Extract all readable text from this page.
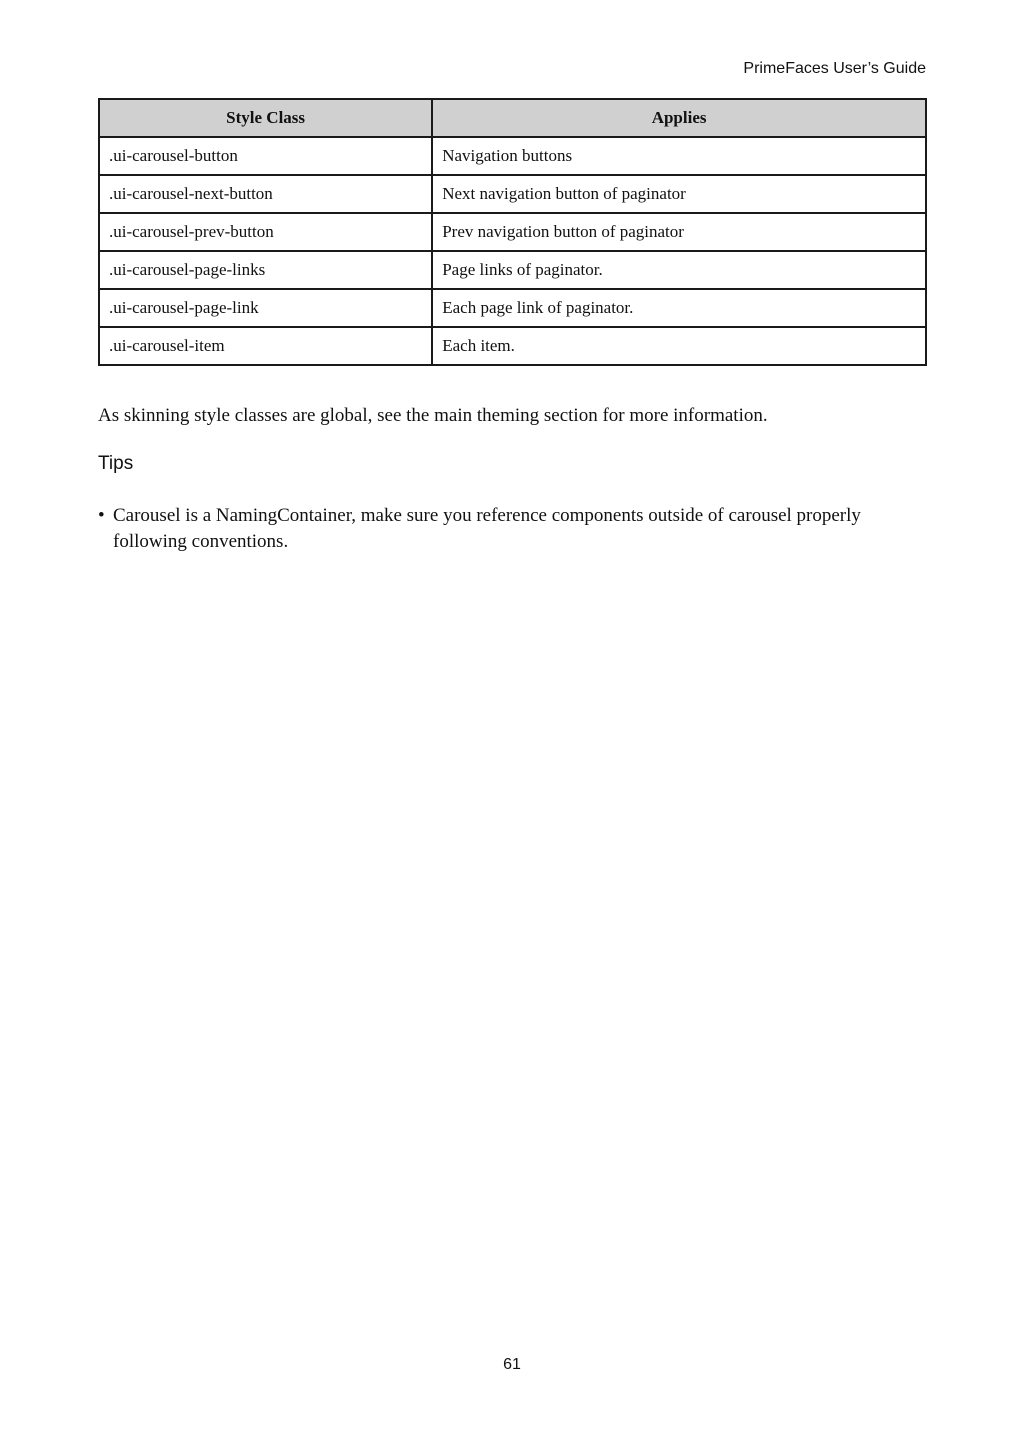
PrimeFaces User’s Guide
Style Class	Applies
.ui-carousel-button	Navigation buttons
.ui-carousel-next-button	Next navigation button of paginator
.ui-carousel-prev-button	Prev navigation button of paginator
.ui-carousel-page-links	Page links of paginator.
.ui-carousel-page-link	Each page link of paginator.
.ui-carousel-item	Each item.

As skinning style classes are global, see the main theming section for more information.

Tips
• Carousel is a NamingContainer, make sure you reference components outside of carousel properly following conventions.
61
